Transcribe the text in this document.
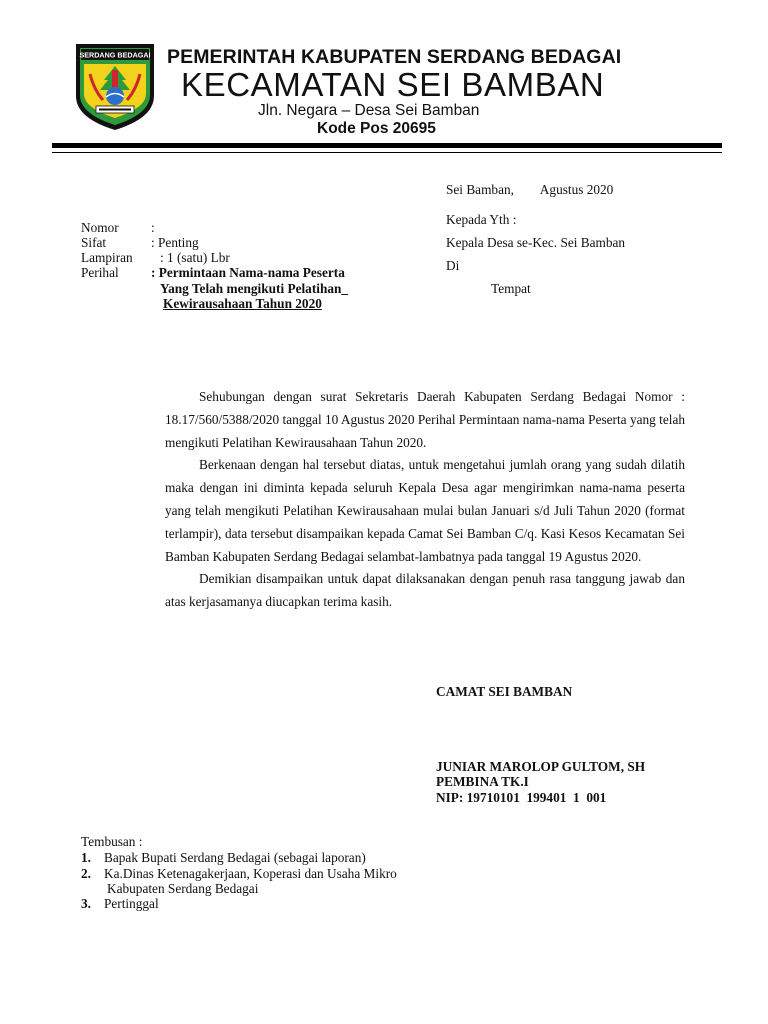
SERDANG BEDAGAI PEMERINTAH KABUPATEN SERDANG BEDAGAI
KECAMATAN SEI BAMBAN
Jln. Negara – Desa Sei Bamban
Kode Pos 20695
Sei Bamban,        Agustus 2020
Kepada Yth :
Kepala Desa se-Kec. Sei Bamban
Di
Tempat
Nomor :
Sifat	: Penting
Lampiran : 1 (satu) Lbr
Perihal : Permintaan Nama-nama Peserta
Yang Telah mengikuti Pelatihan_
Kewirausahaan Tahun 2020

Sehubungan dengan surat Sekretaris Daerah Kabupaten Serdang Bedagai Nomor : 18.17/560/5388/2020 tanggal 10 Agustus 2020 Perihal Permintaan nama-nama Peserta yang telah mengikuti Pelatihan Kewirausahaan Tahun 2020.

Berkenaan dengan hal tersebut diatas, untuk mengetahui jumlah orang yang sudah dilatih maka dengan ini diminta kepada seluruh Kepala Desa agar mengirimkan nama-nama peserta yang telah mengikuti Pelatihan Kewirausahaan mulai bulan Januari s/d Juli Tahun 2020 (format terlampir), data tersebut disampaikan kepada Camat Sei Bamban C/q. Kasi Kesos Kecamatan Sei Bamban Kabupaten Serdang Bedagai selambat-lambatnya pada tanggal 19 Agustus 2020.

Demikian disampaikan untuk dapat dilaksanakan dengan penuh rasa tanggung jawab dan atas kerjasamanya diucapkan terima kasih.

CAMAT SEI BAMBAN
JUNIAR MAROLOP GULTOM, SH
PEMBINA TK.I
NIP: 19710101  199401  1  001
Tembusan :
1. Bapak Bupati Serdang Bedagai (sebagai laporan)
2. Ka.Dinas Ketenagakerjaan, Koperasi dan Usaha Mikro
Kabupaten Serdang Bedagai
3. Pertinggal
